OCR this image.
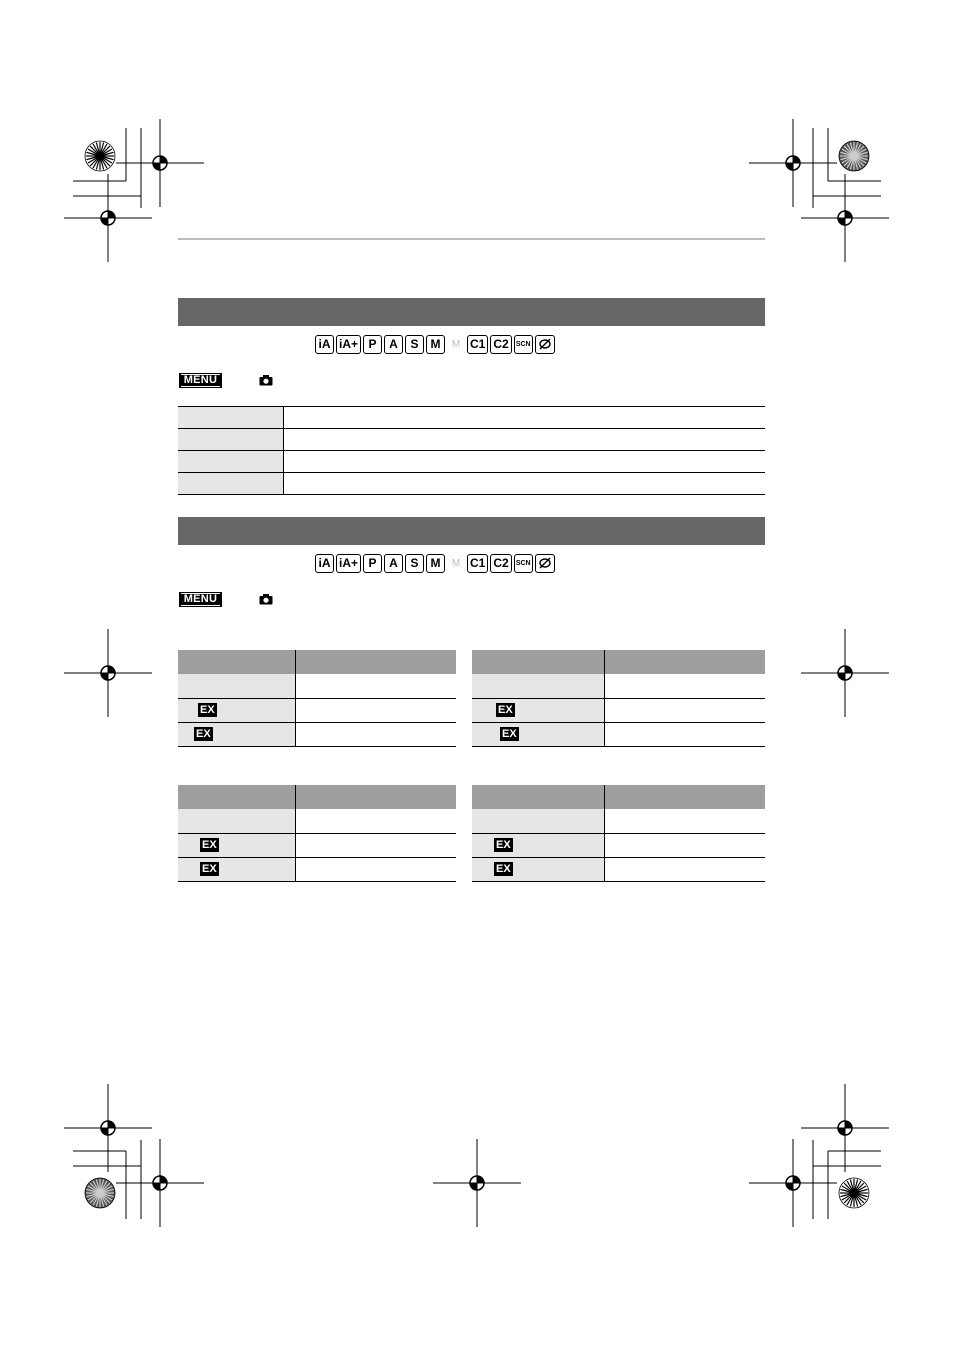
iA iA+ P	A	S	M	M C1 C2	SCN
MENU

iA iA+ P	A	S	M	M C1 C2	SCN
MENU

EX	
EX	

EX	
EX	

EX	
EX	

EX	
EX	
